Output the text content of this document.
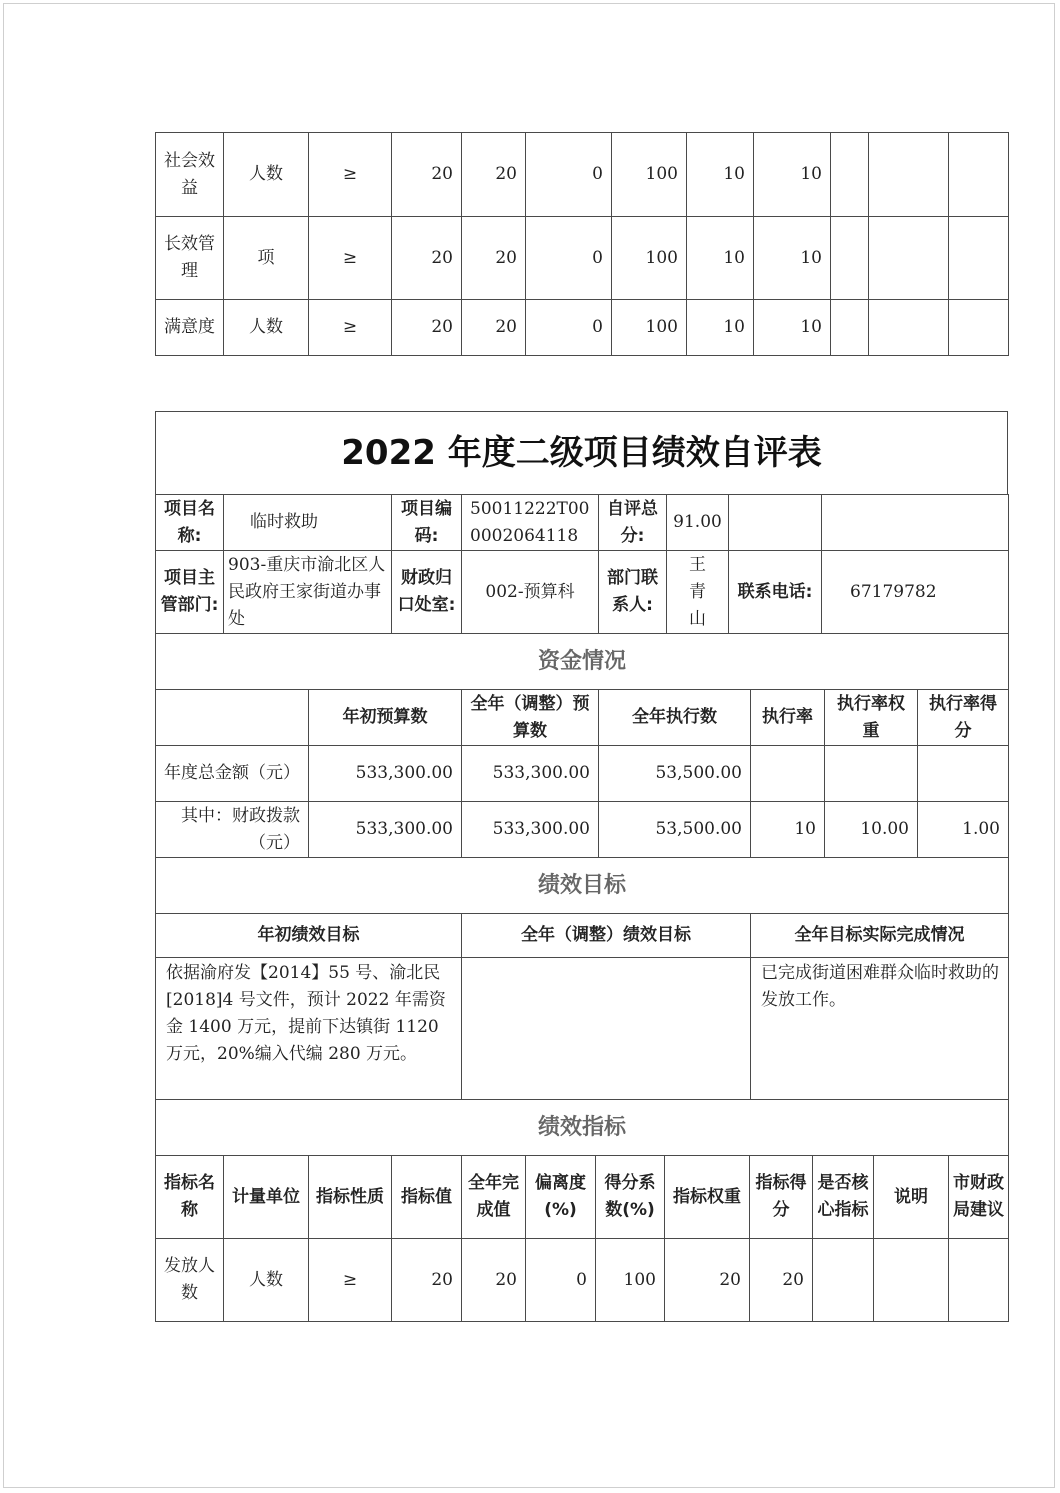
社会效益	人数	≥	20	20	0	100	10	10			
长效管理	项	≥	20	20	0	100	10	10			
满意度	人数	≥	20	20	0	100	10	10			
2022 年度二级项目绩效自评表
项目名称:	临时救助	项目编码:	50011222T000002064118	自评总分:	91.00		
项目主管部门:	903-重庆市渝北区人民政府王家街道办事处	财政归口处室:	002-预算科	部门联系人:	王青山	联系电话:	67179782
资金情况						
	年初预算数	全年（调整）预算数	全年执行数	执行率	执行率权重	执行率得分
年度总金额（元）	533,300.00	533,300.00	53,500.00			
其中：财政拨款（元）	533,300.00	533,300.00	53,500.00	10	10.00	1.00
绩效目标		
年初绩效目标	全年（调整）绩效目标	全年目标实际完成情况
依据渝府发【2014】55 号、渝北民[2018]4 号文件，预计 2022 年需资金 1400 万元，提前下达镇街 1120 万元，20%编入代编 280 万元。		已完成街道困难群众临时救助的发放工作。
绩效指标											
指标名称	计量单位	指标性质	指标值	全年完成值	偏离度(%)	得分系数(%)	指标权重	指标得分	是否核心指标	说明	市财政局建议
发放人数	人数	≥	20	20	0	100	20	20			
